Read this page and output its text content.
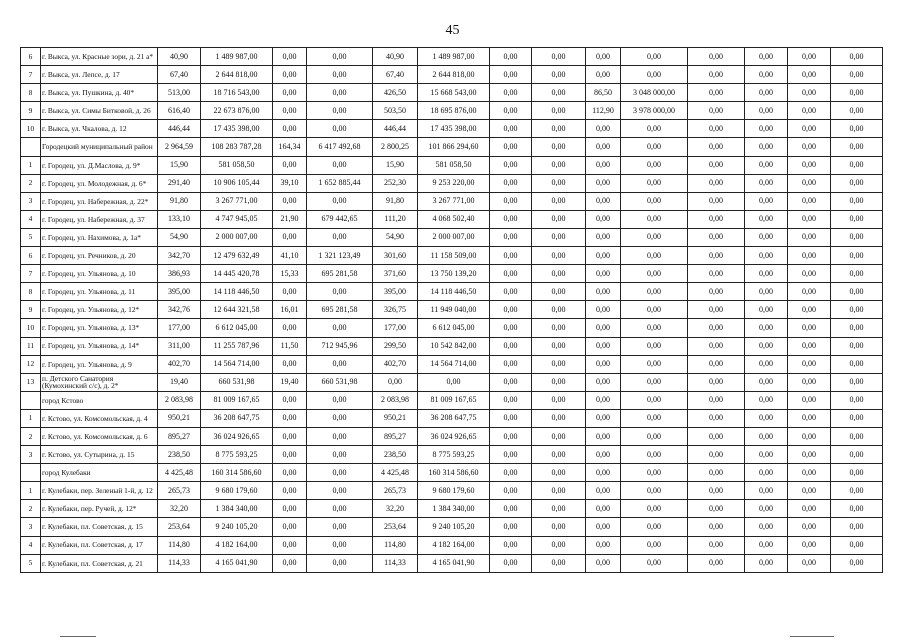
45
6	г. Выкса, ул. Красные зори, д. 21 а*	40,90	1 489 987,00	0,00	0,00	40,90	1 489 987,00	0,00	0,00	0,00	0,00	0,00	0,00	0,00	0,00
7	г. Выкса, ул. Лепсе, д. 17	67,40	2 644 818,00	0,00	0,00	67,40	2 644 818,00	0,00	0,00	0,00	0,00	0,00	0,00	0,00	0,00
8	г. Выкса, ул. Пушкина, д. 40*	513,00	18 716 543,00	0,00	0,00	426,50	15 668 543,00	0,00	0,00	86,50	3 048 000,00	0,00	0,00	0,00	0,00
9	г. Выкса, ул. Симы Битковой, д. 26	616,40	22 673 876,00	0,00	0,00	503,50	18 695 876,00	0,00	0,00	112,90	3 978 000,00	0,00	0,00	0,00	0,00
10	г. Выкса, ул. Чкалова, д. 12	446,44	17 435 398,00	0,00	0,00	446,44	17 435 398,00	0,00	0,00	0,00	0,00	0,00	0,00	0,00	0,00
	Городецкий муниципальный район	2 964,59	108 283 787,28	164,34	6 417 492,68	2 800,25	101 866 294,60	0,00	0,00	0,00	0,00	0,00	0,00	0,00	0,00
1	г. Городец, ул. Д.Маслова, д. 9*	15,90	581 058,50	0,00	0,00	15,90	581 058,50	0,00	0,00	0,00	0,00	0,00	0,00	0,00	0,00
2	г. Городец, ул. Молодежная, д. 6*	291,40	10 906 105,44	39,10	1 652 885,44	252,30	9 253 220,00	0,00	0,00	0,00	0,00	0,00	0,00	0,00	0,00
3	г. Городец, ул. Набережная, д. 22*	91,80	3 267 771,00	0,00	0,00	91,80	3 267 771,00	0,00	0,00	0,00	0,00	0,00	0,00	0,00	0,00
4	г. Городец, ул. Набережная, д. 37	133,10	4 747 945,05	21,90	679 442,65	111,20	4 068 502,40	0,00	0,00	0,00	0,00	0,00	0,00	0,00	0,00
5	г. Городец, ул. Нахимова, д. 1а*	54,90	2 000 007,00	0,00	0,00	54,90	2 000 007,00	0,00	0,00	0,00	0,00	0,00	0,00	0,00	0,00
6	г. Городец, ул. Речников, д. 20	342,70	12 479 632,49	41,10	1 321 123,49	301,60	11 158 509,00	0,00	0,00	0,00	0,00	0,00	0,00	0,00	0,00
7	г. Городец, ул. Ульянова, д. 10	386,93	14 445 420,78	15,33	695 281,58	371,60	13 750 139,20	0,00	0,00	0,00	0,00	0,00	0,00	0,00	0,00
8	г. Городец, ул. Ульянова, д. 11	395,00	14 118 446,50	0,00	0,00	395,00	14 118 446,50	0,00	0,00	0,00	0,00	0,00	0,00	0,00	0,00
9	г. Городец, ул. Ульянова, д. 12*	342,76	12 644 321,58	16,01	695 281,58	326,75	11 949 040,00	0,00	0,00	0,00	0,00	0,00	0,00	0,00	0,00
10	г. Городец, ул. Ульянова, д. 13*	177,00	6 612 045,00	0,00	0,00	177,00	6 612 045,00	0,00	0,00	0,00	0,00	0,00	0,00	0,00	0,00
11	г. Городец, ул. Ульянова, д. 14*	311,00	11 255 787,96	11,50	712 945,96	299,50	10 542 842,00	0,00	0,00	0,00	0,00	0,00	0,00	0,00	0,00
12	г. Городец, ул. Ульянова, д. 9	402,70	14 564 714,00	0,00	0,00	402,70	14 564 714,00	0,00	0,00	0,00	0,00	0,00	0,00	0,00	0,00
13	п. Детского Санатория (Кумохинский с/с), д. 2*	19,40	660 531,98	19,40	660 531,98	0,00	0,00	0,00	0,00	0,00	0,00	0,00	0,00	0,00	0,00
	город Кстово	2 083,98	81 009 167,65	0,00	0,00	2 083,98	81 009 167,65	0,00	0,00	0,00	0,00	0,00	0,00	0,00	0,00
1	г. Кстово, ул. Комсомольская, д. 4	950,21	36 208 647,75	0,00	0,00	950,21	36 208 647,75	0,00	0,00	0,00	0,00	0,00	0,00	0,00	0,00
2	г. Кстово, ул. Комсомольская, д. 6	895,27	36 024 926,65	0,00	0,00	895,27	36 024 926,65	0,00	0,00	0,00	0,00	0,00	0,00	0,00	0,00
3	г. Кстово, ул. Сутырина, д. 15	238,50	8 775 593,25	0,00	0,00	238,50	8 775 593,25	0,00	0,00	0,00	0,00	0,00	0,00	0,00	0,00
	город Кулебаки	4 425,48	160 314 586,60	0,00	0,00	4 425,48	160 314 586,60	0,00	0,00	0,00	0,00	0,00	0,00	0,00	0,00
1	г. Кулебаки, пер. Зеленый 1-й, д. 12	265,73	9 680 179,60	0,00	0,00	265,73	9 680 179,60	0,00	0,00	0,00	0,00	0,00	0,00	0,00	0,00
2	г. Кулебаки, пер. Ручей, д. 12*	32,20	1 384 340,00	0,00	0,00	32,20	1 384 340,00	0,00	0,00	0,00	0,00	0,00	0,00	0,00	0,00
3	г. Кулебаки, пл. Советская, д. 15	253,64	9 240 105,20	0,00	0,00	253,64	9 240 105,20	0,00	0,00	0,00	0,00	0,00	0,00	0,00	0,00
4	г. Кулебаки, пл. Советская, д. 17	114,80	4 182 164,00	0,00	0,00	114,80	4 182 164,00	0,00	0,00	0,00	0,00	0,00	0,00	0,00	0,00
5	г. Кулебаки, пл. Советская, д. 21	114,33	4 165 041,90	0,00	0,00	114,33	4 165 041,90	0,00	0,00	0,00	0,00	0,00	0,00	0,00	0,00
